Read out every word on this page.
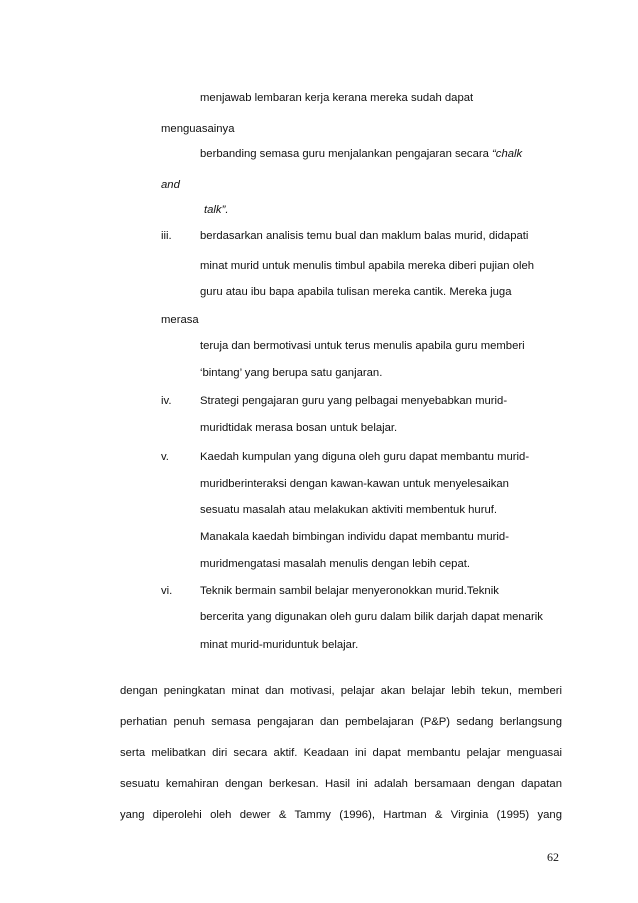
menjawab lembaran kerja kerana mereka sudah dapat
menguasainya
berbanding semasa guru menjalankan pengajaran secara “chalk
and
talk”.
berdasarkan analisis temu bual dan maklum balas murid, didapati
minat murid untuk menulis timbul apabila mereka diberi pujian oleh
guru atau ibu bapa apabila tulisan mereka cantik. Mereka juga
merasa
teruja dan bermotivasi untuk terus menulis apabila guru memberi
‘bintang’ yang berupa satu ganjaran.
Strategi pengajaran guru yang pelbagai menyebabkan murid-
muridtidak merasa bosan untuk belajar.
Kaedah kumpulan yang diguna oleh guru dapat membantu murid-
muridberinteraksi dengan kawan-kawan untuk menyelesaikan
sesuatu masalah atau melakukan aktiviti membentuk huruf.
Manakala kaedah bimbingan individu dapat membantu murid-
muridmengatasi masalah menulis dengan lebih cepat.
Teknik bermain sambil belajar menyeronokkan murid.Teknik
bercerita yang digunakan oleh guru dalam bilik darjah dapat menarik
minat murid-muriduntuk belajar.
iii.
iv.
v.
vi.
dengan peningkatan minat dan motivasi, pelajar akan belajar lebih tekun, memberi
perhatian penuh semasa pengajaran dan pembelajaran (P&P) sedang berlangsung
serta melibatkan diri secara aktif. Keadaan ini dapat membantu pelajar menguasai
sesuatu kemahiran dengan berkesan. Hasil ini adalah bersamaan dengan dapatan
yang diperolehi oleh dewer & Tammy (1996), Hartman & Virginia (1995) yang
62
